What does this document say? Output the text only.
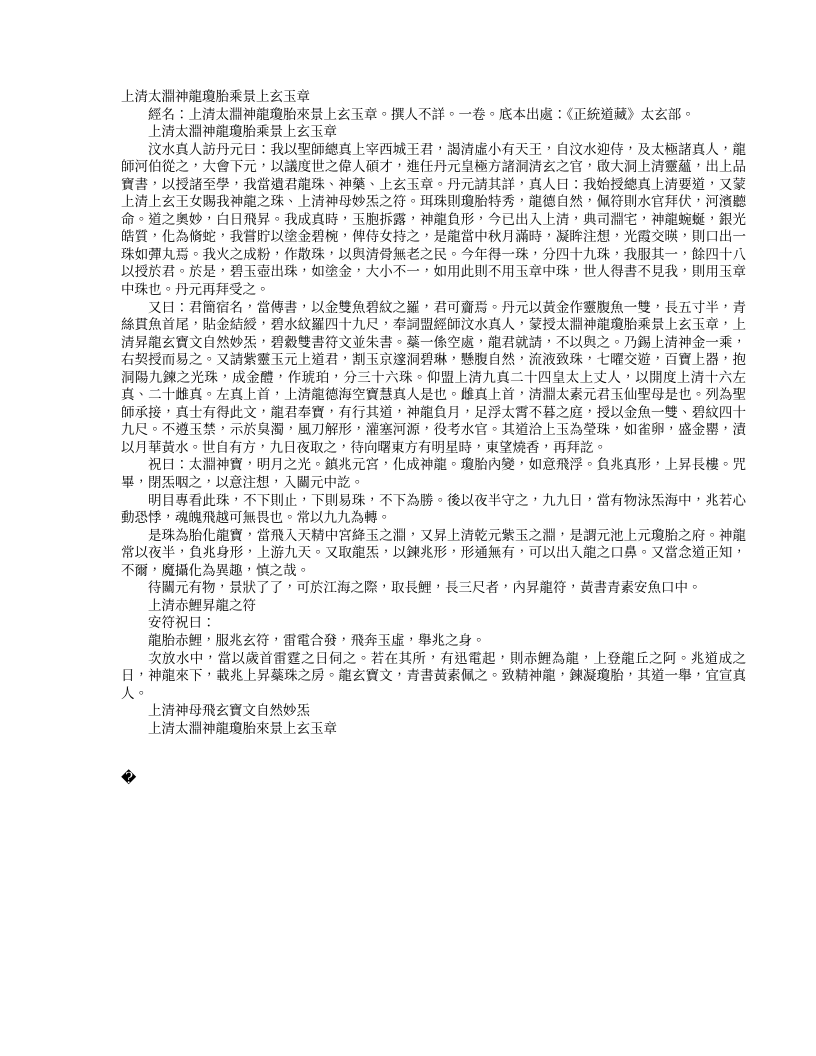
上清太淵神龍瓊胎乘景上玄玉章

經名：上清太淵神龍瓊胎來景上玄玉章。撰人不詳。一卷。底本出處：《正統道藏》太玄部。

上清太淵神龍瓊胎乘景上玄玉章

汶水真人訪丹元曰：我以聖師總真上宰西城王君，謁清虛小有天王，自汶水迎侍，及太極諸真人，龍師河伯從之，大會下元，以議度世之偉人碩才，進任丹元皇極方諸洞清玄之官，啟大洞上清靈蘊，出上品寶書，以授諸至學，我當遺君龍珠、神藥、上玄玉章。丹元請其詳，真人曰：我始授總真上清要道，又蒙上清上玄王女賜我神龍之珠、上清神母妙炁之符。珥珠則瓊胎特秀，龍德自然，佩符則水官拜伏，河濱聽命。道之奧妙，白日飛昇。我成真時，玉胞拆露，神龍負形，今已出入上清，典司淵宅，神龍蜿蜒，銀光皓質，化為脩蛇，我嘗貯以塗金碧椀，俾侍女持之，是龍當中秋月滿時，凝眸注想，光霞交暎，則口出一珠如彈丸焉。我火之成粉，作散珠，以與清骨無老之民。今年得一珠，分四十九珠，我服其一，餘四十八以授於君。於是，碧玉壺出珠，如塗金，大小不一，如用此則不用玉章中珠，世人得書不見我，則用玉章中珠也。丹元再拜受之。

又曰：君簡宿名，當傳書，以金雙魚碧紋之羅，君可齎焉。丹元以黃金作靈腹魚一雙，長五寸半，青絲貫魚首尾，貼金結綬，碧水紋羅四十九尺，奉詞盟經師汶水真人，蒙授太淵神龍瓊胎乘景上玄玉章，上清昇龍玄寶文自然妙炁，碧縠雙書符文並朱書。蘂一係空處，龍君就請，不以與之。乃錫上清神金一乘，右契授而易之。又請紫靈玉元上道君，割玉京邃洞碧琳，懸腹自然，流液致珠，七曜交遊，百寶上器，抱洞陽九鍊之光珠，成金醴，作琥珀，分三十六珠。仰盟上清九真二十四皇太上丈人，以開度上清十六左真、二十雌真。左真上首，上清龍德海空寶慧真人是也。雌真上首，清淵太素元君玉仙聖母是也。列為聖師承接，真士有得此文，龍君奉寶，有行其道，神龍負月，足浮太霄不暮之庭，授以金魚一雙、碧紋四十九尺。不遵玉禁，示於臭濁，風刀解形，灌塞河源，役考水官。其道洽上玉為瑩珠，如雀卵，盛金罌，漬以月華黃水。世自有方，九日夜取之，待向曙東方有明星時，東望燒香，再拜訖。

祝曰：太淵神寶，明月之光。鎮兆元宮，化成神龍。瓊胎內變，如意飛浮。負兆真形，上昇長樓。咒畢，閉炁咽之，以意注想，入關元中訖。

明目專看此珠，不下則止，下則易珠，不下為勝。後以夜半守之，九九日，當有物泳炁海中，兆若心動恐悸，魂魄飛越可無畏也。常以九九為轉。

是珠為胎化龍寶，當飛入天精中宮絳玉之淵，又昇上清乾元紫玉之淵，是謂元池上元瓊胎之府。神龍常以夜半，負兆身形，上游九天。又取龍炁，以鍊兆形，形通無有，可以出入龍之口鼻。又當念道正知，不爾，魔攝化為異趣，慎之哉。

待關元有物，景狀了了，可於江海之際，取長鯉，長三尺者，內昇龍符，黃書青素安魚口中。

上清赤鯉昇龍之符

安符祝曰：

龍胎赤鯉，服兆玄符，雷電合發，飛奔玉虛，舉兆之身。

次放水中，當以歲首雷霆之日伺之。若在其所，有迅電起，則赤鯉為龍，上登龍丘之阿。兆道成之日，神龍來下，載兆上昇蘂珠之房。龍玄寶文，青書黃素佩之。致精神龍，鍊凝瓊胎，其道一舉，宜宣真人。

上清神母飛玄寶文自然妙炁

上清太淵神龍瓊胎來景上玄玉章

�
